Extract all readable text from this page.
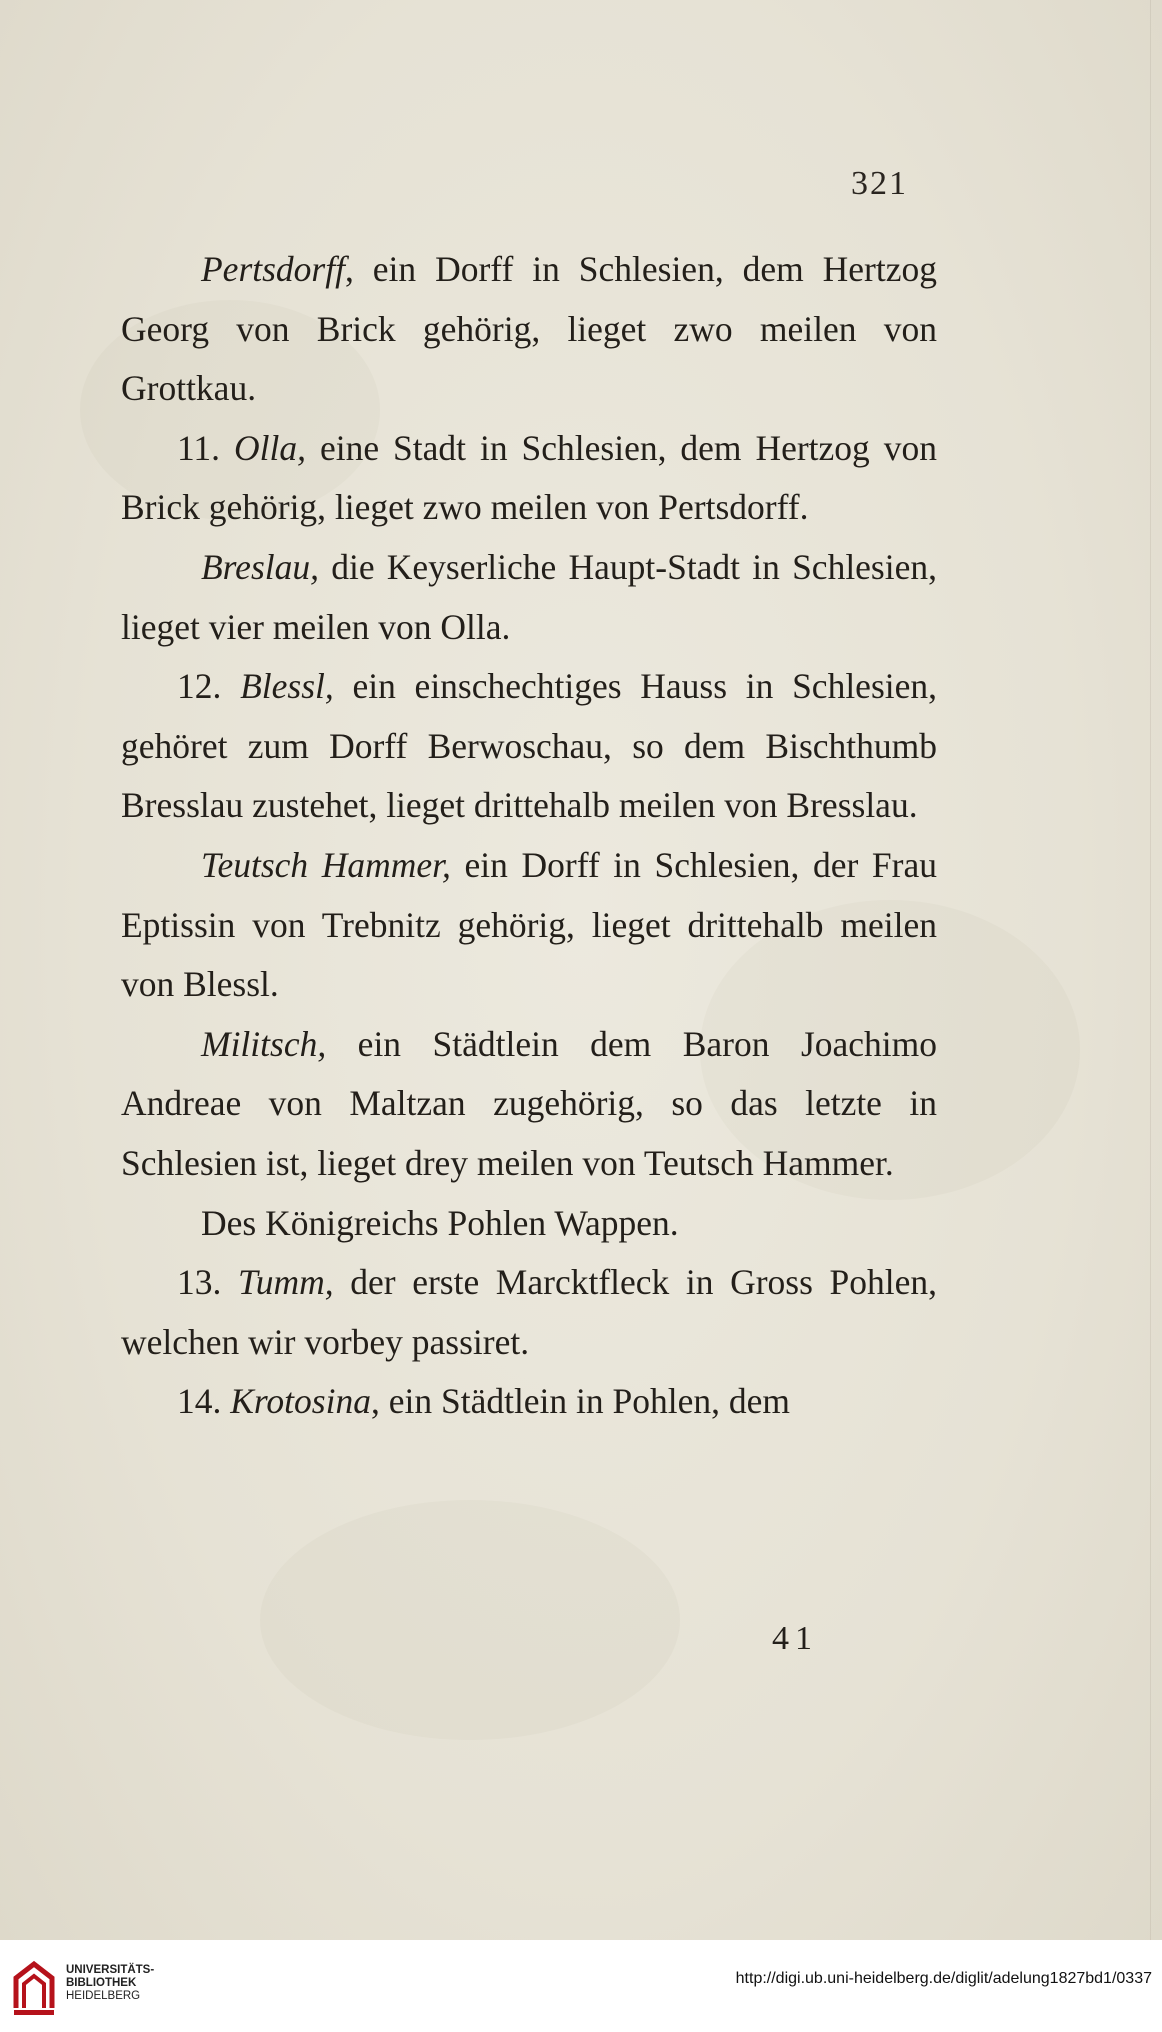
321

Pertsdorff, ein Dorff in Schlesien, dem Hertzog Georg von Brick gehörig, lieget zwo meilen von Grottkau.

11. Olla, eine Stadt in Schlesien, dem Hertzog von Brick gehörig, lieget zwo meilen von Pertsdorff.

Breslau, die Keyserliche Haupt-Stadt in Schlesien, lieget vier meilen von Olla.

12. Blessl, ein einschechtiges Hauss in Schlesien, gehöret zum Dorff Berwoschau, so dem Bischthumb Bresslau zustehet, lieget drittehalb meilen von Bresslau.

Teutsch Hammer, ein Dorff in Schlesien, der Frau Eptissin von Trebnitz gehörig, lieget drittehalb meilen von Blessl.

Militsch, ein Städtlein dem Baron Joachimo Andreae von Maltzan zugehörig, so das letzte in Schlesien ist, lieget drey meilen von Teutsch Hammer.

Des Königreichs Pohlen Wappen.

13. Tumm, der erste Marcktfleck in Gross Pohlen, welchen wir vorbey passiret.

14. Krotosina, ein Städtlein in Pohlen, dem

41
UNIVERSITÄTS-
BIBLIOTHEK
HEIDELBERG
http://digi.ub.uni-heidelberg.de/diglit/adelung1827bd1/0337
